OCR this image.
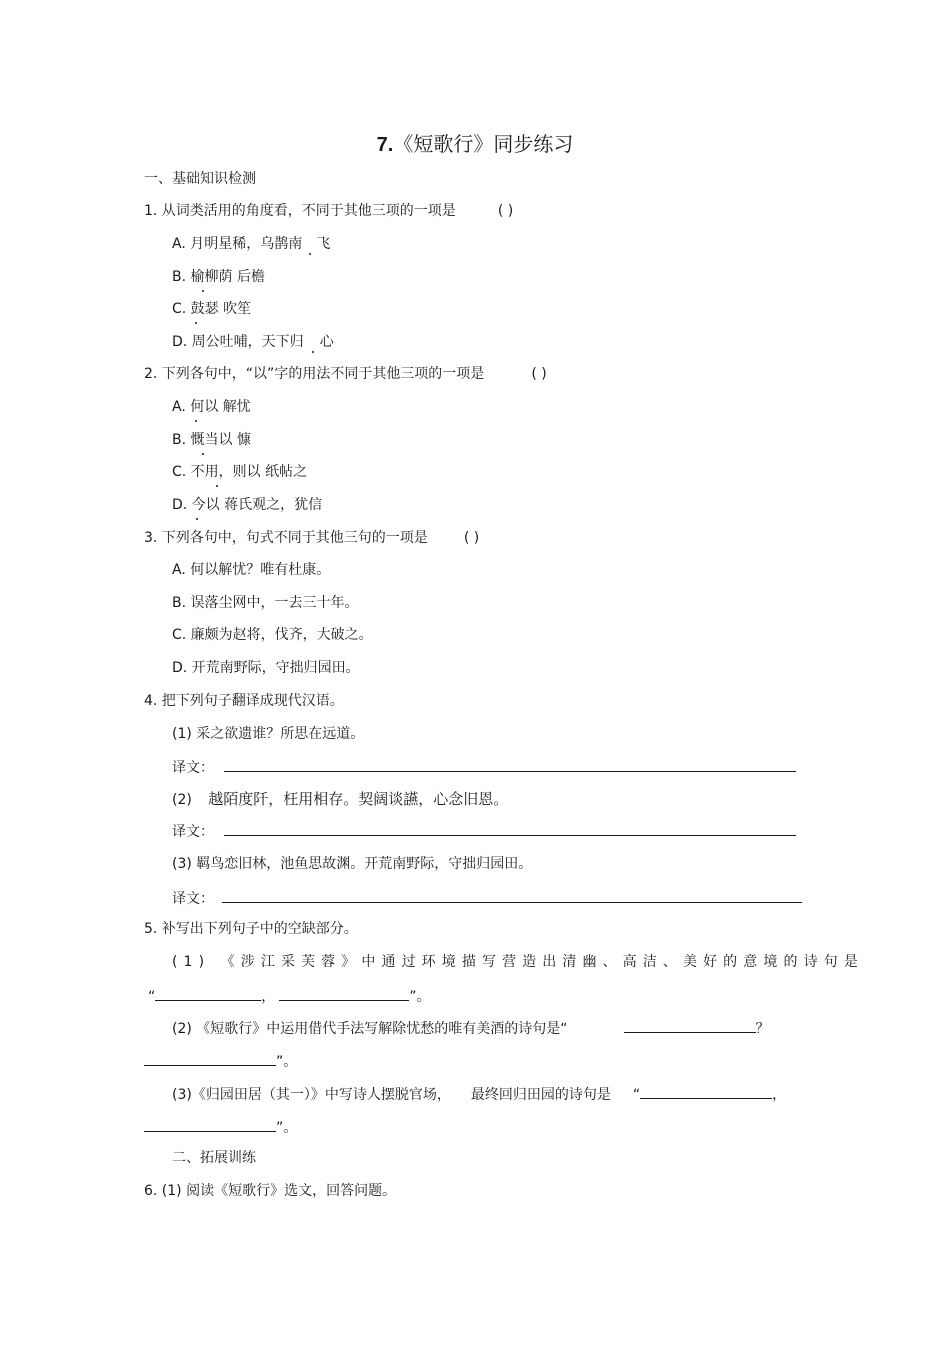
7.《短歌行》同步练习
一、基础知识检测
1. 从词类活用的角度看，不同于其他三项的一项是	( )
A. 月明星稀，乌鹊南 飞
B. 榆柳荫 后檐
C. 鼓瑟 吹笙
D. 周公吐哺，天下归 心
2. 下列各句中，“以”字的用法不同于其他三项的一项是	( )
A. 何以 解忧
B. 慨当以 慷
C. 不用，则以 纸帖之
D. 今以 蒋氏观之，犹信
3. 下列各句中，句式不同于其他三句的一项是	( )
A. 何以解忧？唯有杜康。
B. 误落尘网中，一去三十年。
C. 廉颇为赵将，伐齐，大破之。
D. 开荒南野际，守拙归园田。
4. 把下列句子翻译成现代汉语。
(1) 采之欲遗谁？所思在远道。
译文：
(2) 越陌度阡，枉用相存。契阔谈讌，心念旧恩。
译文：
(3) 羁鸟恋旧林，池鱼思故渊。开荒南野际，守拙归园田。
译文：
5. 补写出下列句子中的空缺部分。
(1) 《涉江采芙蓉》中通过环境描写营造出清幽、高洁、美好的意境的诗句是
“	，	”。
(2) 《短歌行》中运用借代手法写解除忧愁的唯有美酒的诗句是“	？
”。
(3)《归园田居（其一）》中写诗人摆脱官场， 最终回归田园的诗句是 “	，
”。
二、拓展训练
6. (1) 阅读《短歌行》选文，回答问题。
